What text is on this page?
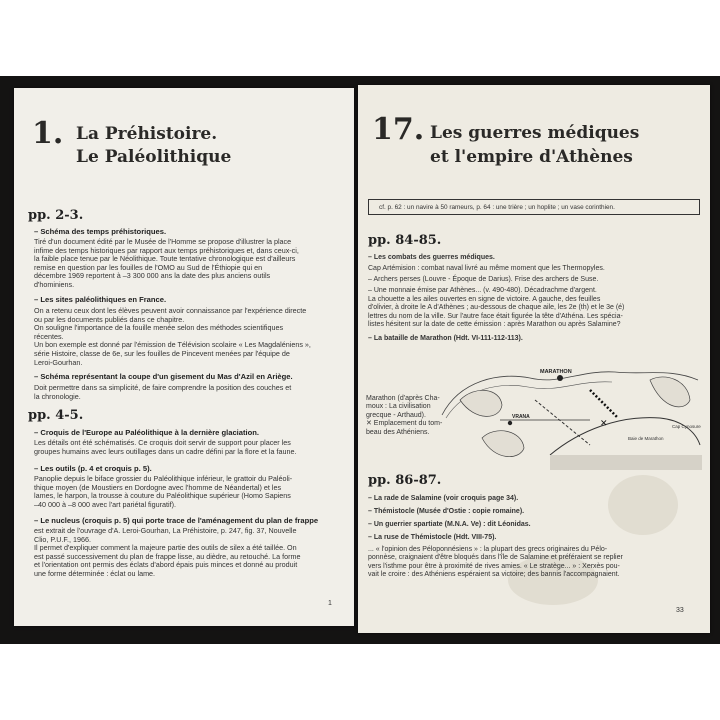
1. La Préhistoire.
Le Paléolithique
pp. 2-3.
– Schéma des temps préhistoriques.

Tiré d'un document édité par le Musée de l'Homme se propose d'illustrer la place

infime des temps historiques par rapport aux temps préhistoriques et, dans ceux-ci,

la faible place tenue par le Néolithique. Toute tentative chronologique est d'ailleurs

remise en question par les fouilles de l'OMO au Sud de l'Éthiopie qui en

décembre 1969 reportent à –3 300 000 ans la date des plus anciens outils

d'hominiens.

– Les sites paléolithiques en France.

On a retenu ceux dont les élèves peuvent avoir connaissance par l'expérience directe

ou par les documents publiés dans ce chapitre.

On souligne l'importance de la fouille menée selon des méthodes scientifiques

récentes.

Un bon exemple est donné par l'émission de Télévision scolaire « Les Magdaléniens »,

série Histoire, classe de 6e, sur les fouilles de Pincevent menées par l'équipe de

Leroi-Gourhan.

– Schéma représentant la coupe d'un gisement du Mas d'Azil en Ariège.

Doit permettre dans sa simplicité, de faire comprendre la position des couches et

la chronologie.

pp. 4-5.
– Croquis de l'Europe au Paléolithique à la dernière glaciation.

Les détails ont été schématisés. Ce croquis doit servir de support pour placer les

groupes humains avec leurs outillages dans un cadre défini par la flore et la faune.

– Les outils (p. 4 et croquis p. 5).

Panoplie depuis le biface grossier du Paléolithique inférieur, le grattoir du Paléoli-

thique moyen (de Moustiers en Dordogne avec l'homme de Néandertal) et les

lames, le harpon, la trousse à couture du Paléolithique supérieur (Homo Sapiens

–40 000 à –8 000 avec l'art pariétal figuratif).

– Le nucleus (croquis p. 5) qui porte trace de l'aménagement du plan de frappe

est extrait de l'ouvrage d'A. Leroi-Gourhan, La Préhistoire, p. 247, fig. 37, Nouvelle

Clio, P.U.F., 1966.

Il permet d'expliquer comment la majeure partie des outils de silex a été taillée. On

est passé successivement du plan de frappe lisse, au dièdre, au retouché. La forme

et l'orientation ont permis des éclats d'abord épais puis minces et donné au produit

une forme déterminée : éclat ou lame.

1
17. Les guerres médiques
et l'empire d'Athènes
cf. p. 62 : un navire à 50 rameurs, p. 64 : une trière ; un hoplite ; un vase corinthien.
pp. 84-85.

– Les combats des guerres médiques.

Cap Artémision : combat naval livré au même moment que les Thermopyles.

– Archers perses (Louvre - Époque de Darius). Frise des archers de Suse.

– Une monnaie émise par Athènes... (v. 490-480). Décadrachme d'argent.

La chouette a les ailes ouvertes en signe de victoire. A gauche, des feuilles

d'olivier, à droite le A d'Athènes ; au-dessous de chaque aile, les 2e (th) et le 3e (é)

lettres du nom de la ville. Sur l'autre face était figurée la tête d'Athéna. Les spécia-

listes hésitent sur la date de cette émission : après Marathon ou après Salamine?

– La bataille de Marathon (Hdt. VI-111-112-113).

Marathon (d'après Cha-
moux : La civilisation
grecque - Arthaud).
✕ Emplacement du tom-
beau des Athéniens.
✕
MARATHON
VRANA
Baie de Marathon
Cap Cynosure
pp. 86-87.

– La rade de Salamine (voir croquis page 34).

– Thémistocle (Musée d'Ostie : copie romaine).

– Un guerrier spartiate (M.N.A. Ve) : dit Léonidas.

– La ruse de Thémistocle (Hdt. VIII-75).

... « l'opinion des Péloponnésiens » : la plupart des grecs originaires du Pélo-

ponnèse, craignaient d'être bloqués dans l'île de Salamine et préféraient se replier

vers l'isthme pour être à proximité de rives amies. « Le stratège... » : Xerxès pou-

vait le croire : des Athéniens espéraient sa victoire; des bannis l'accompagnaient.

33
